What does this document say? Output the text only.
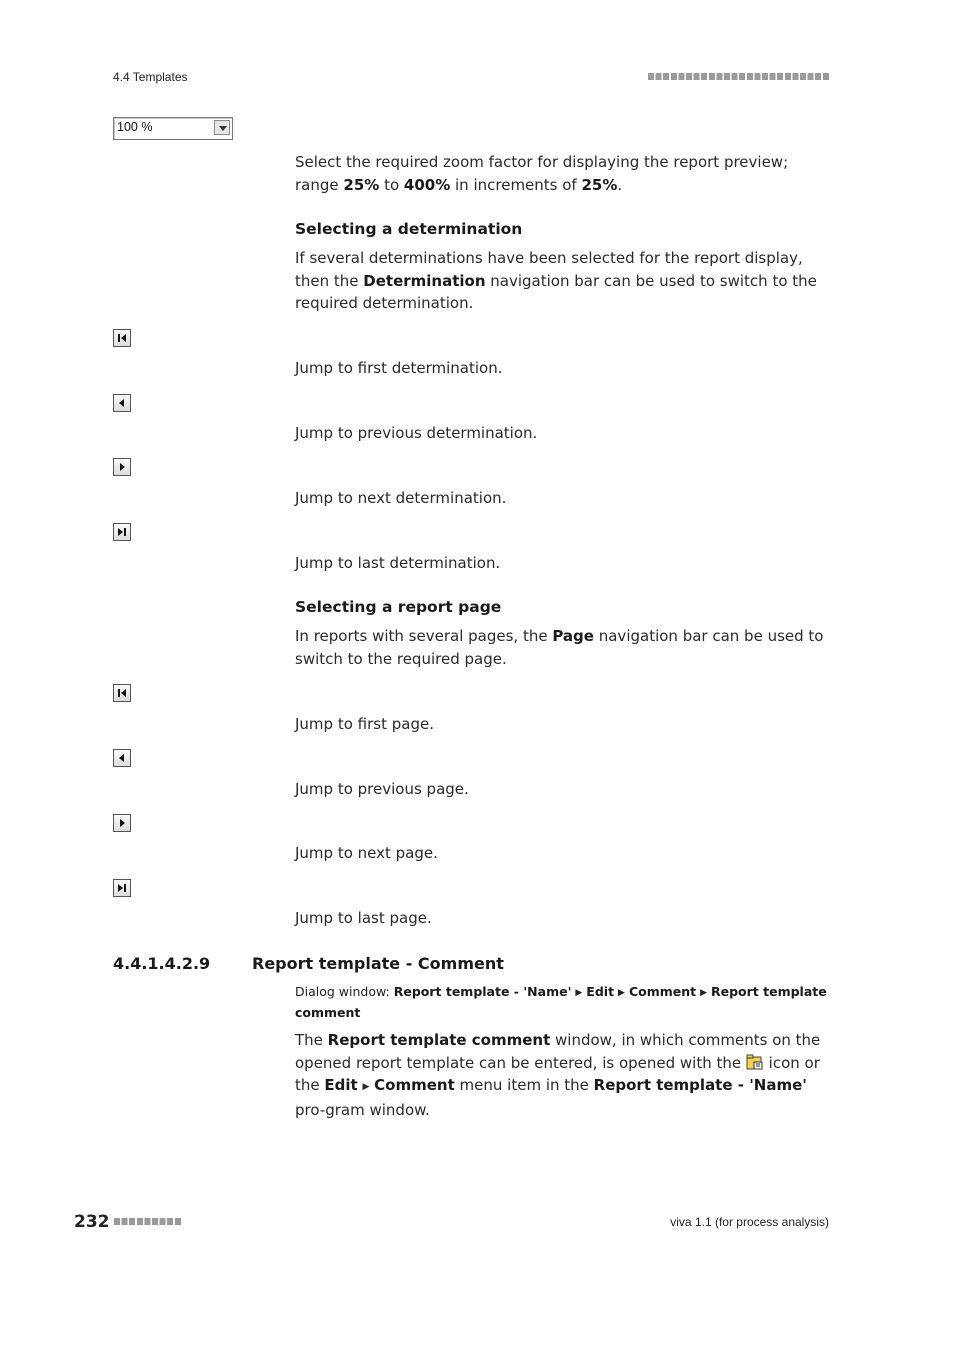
4.4 Templates
100 %
Select the required zoom factor for displaying the report preview; range 25% to 400% in increments of 25%.
Selecting a determination
If several determinations have been selected for the report display, then the Determination navigation bar can be used to switch to the required determination.
Jump to first determination.
Jump to previous determination.
Jump to next determination.
Jump to last determination.
Selecting a report page
In reports with several pages, the Page navigation bar can be used to switch to the required page.
Jump to first page.
Jump to previous page.
Jump to next page.
Jump to last page.
4.4.1.4.2.9	Report template - Comment
Dialog window: Report template - 'Name' ▶ Edit ▶ Comment ▶ Report template comment
The Report template comment window, in which comments on the opened report template can be entered, is opened with the  icon or the Edit ▶ Comment menu item in the Report template - 'Name' pro-gram window.
232	viva 1.1 (for process analysis)
